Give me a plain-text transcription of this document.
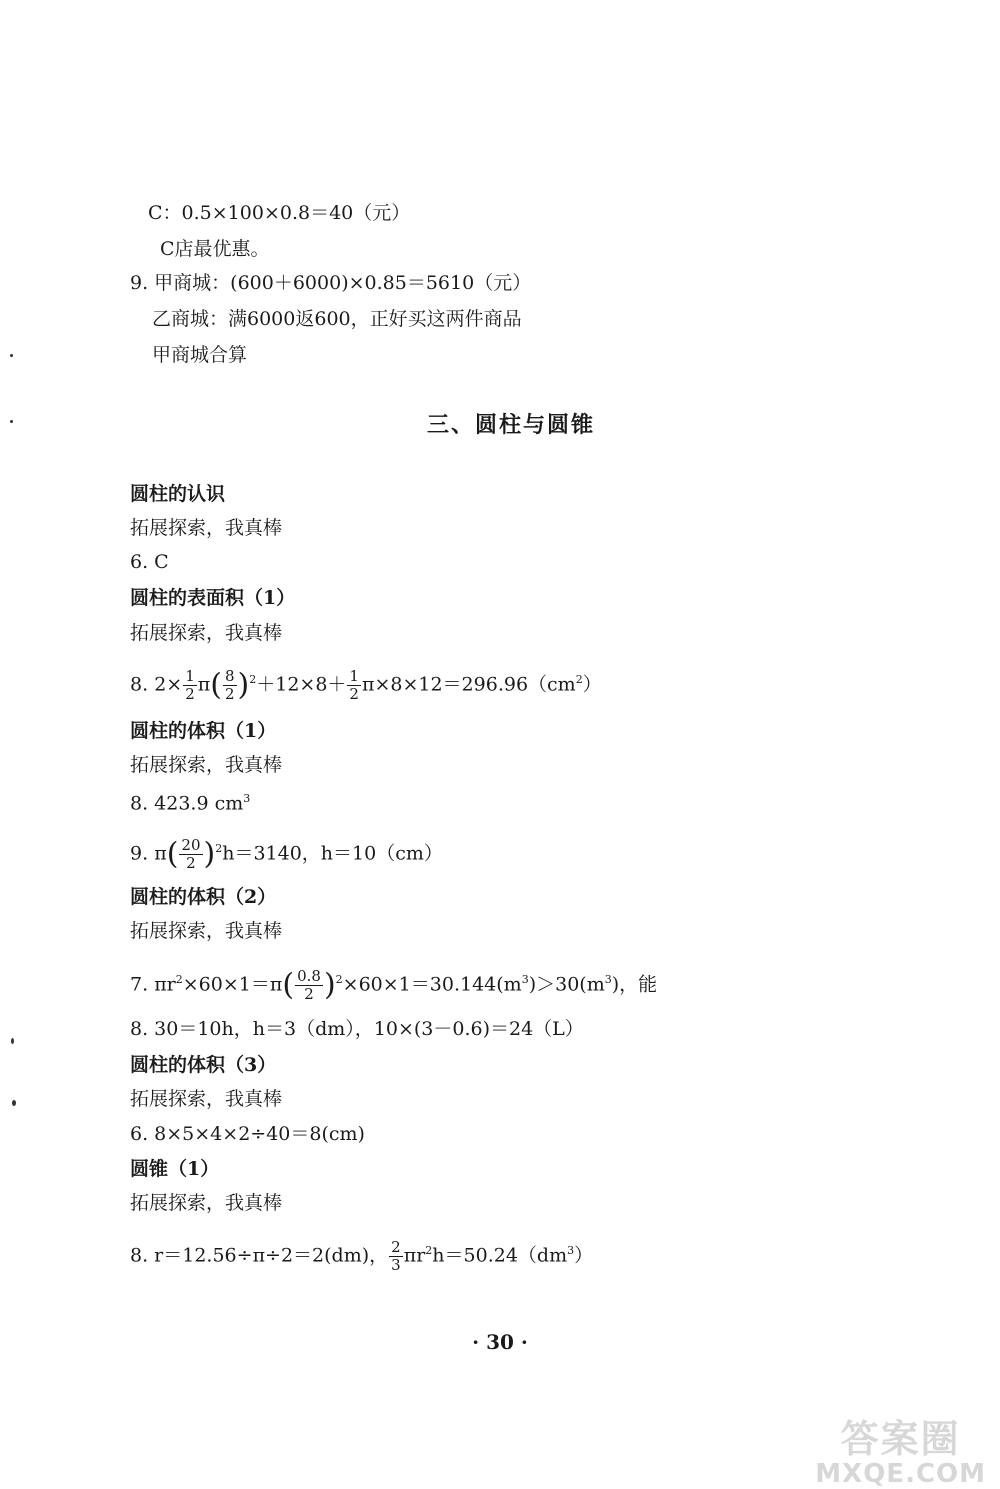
C：0.5×100×0.8＝40（元）
C店最优惠。
9. 甲商城：(600＋6000)×0.85＝5610（元）
乙商城：满6000返600，正好买这两件商品
甲商城合算
三、圆柱与圆锥
圆柱的认识
拓展探索，我真棒
6. C
圆柱的表面积（1）
拓展探索，我真棒
8. $2\times \frac{1}{2} \pi( \frac{8}{2} )^2+12\times 8+ \frac{1}{2} \pi\times 8\times 12=296.96(cm^2)$
圆柱的体积（1）
拓展探索，我真棒
8. 423.9 $cm^3$
9. $\pi( \frac{20}{2} )^2h=3140$，h＝10（cm）
圆柱的体积（2）
拓展探索，我真棒
7. $\pi r^2\times 60\times 1=\pi( \frac{0.8}{2} )^2\times 60\times 1=30.144(m^3)>30(m^3)$，能
8. 30＝10h，h＝3（dm），10×(3－0.6)＝24（L）
圆柱的体积（3）
拓展探索，我真棒
6. 8×5×4×2÷40＝8(cm)
圆锥（1）
拓展探索，我真棒
8. r＝12.56÷π÷2＝2(dm)， $\frac{2}{3} \pi r^2h=50.24(dm^3)$
· 30 ·
答案圈
MXQE.COM
